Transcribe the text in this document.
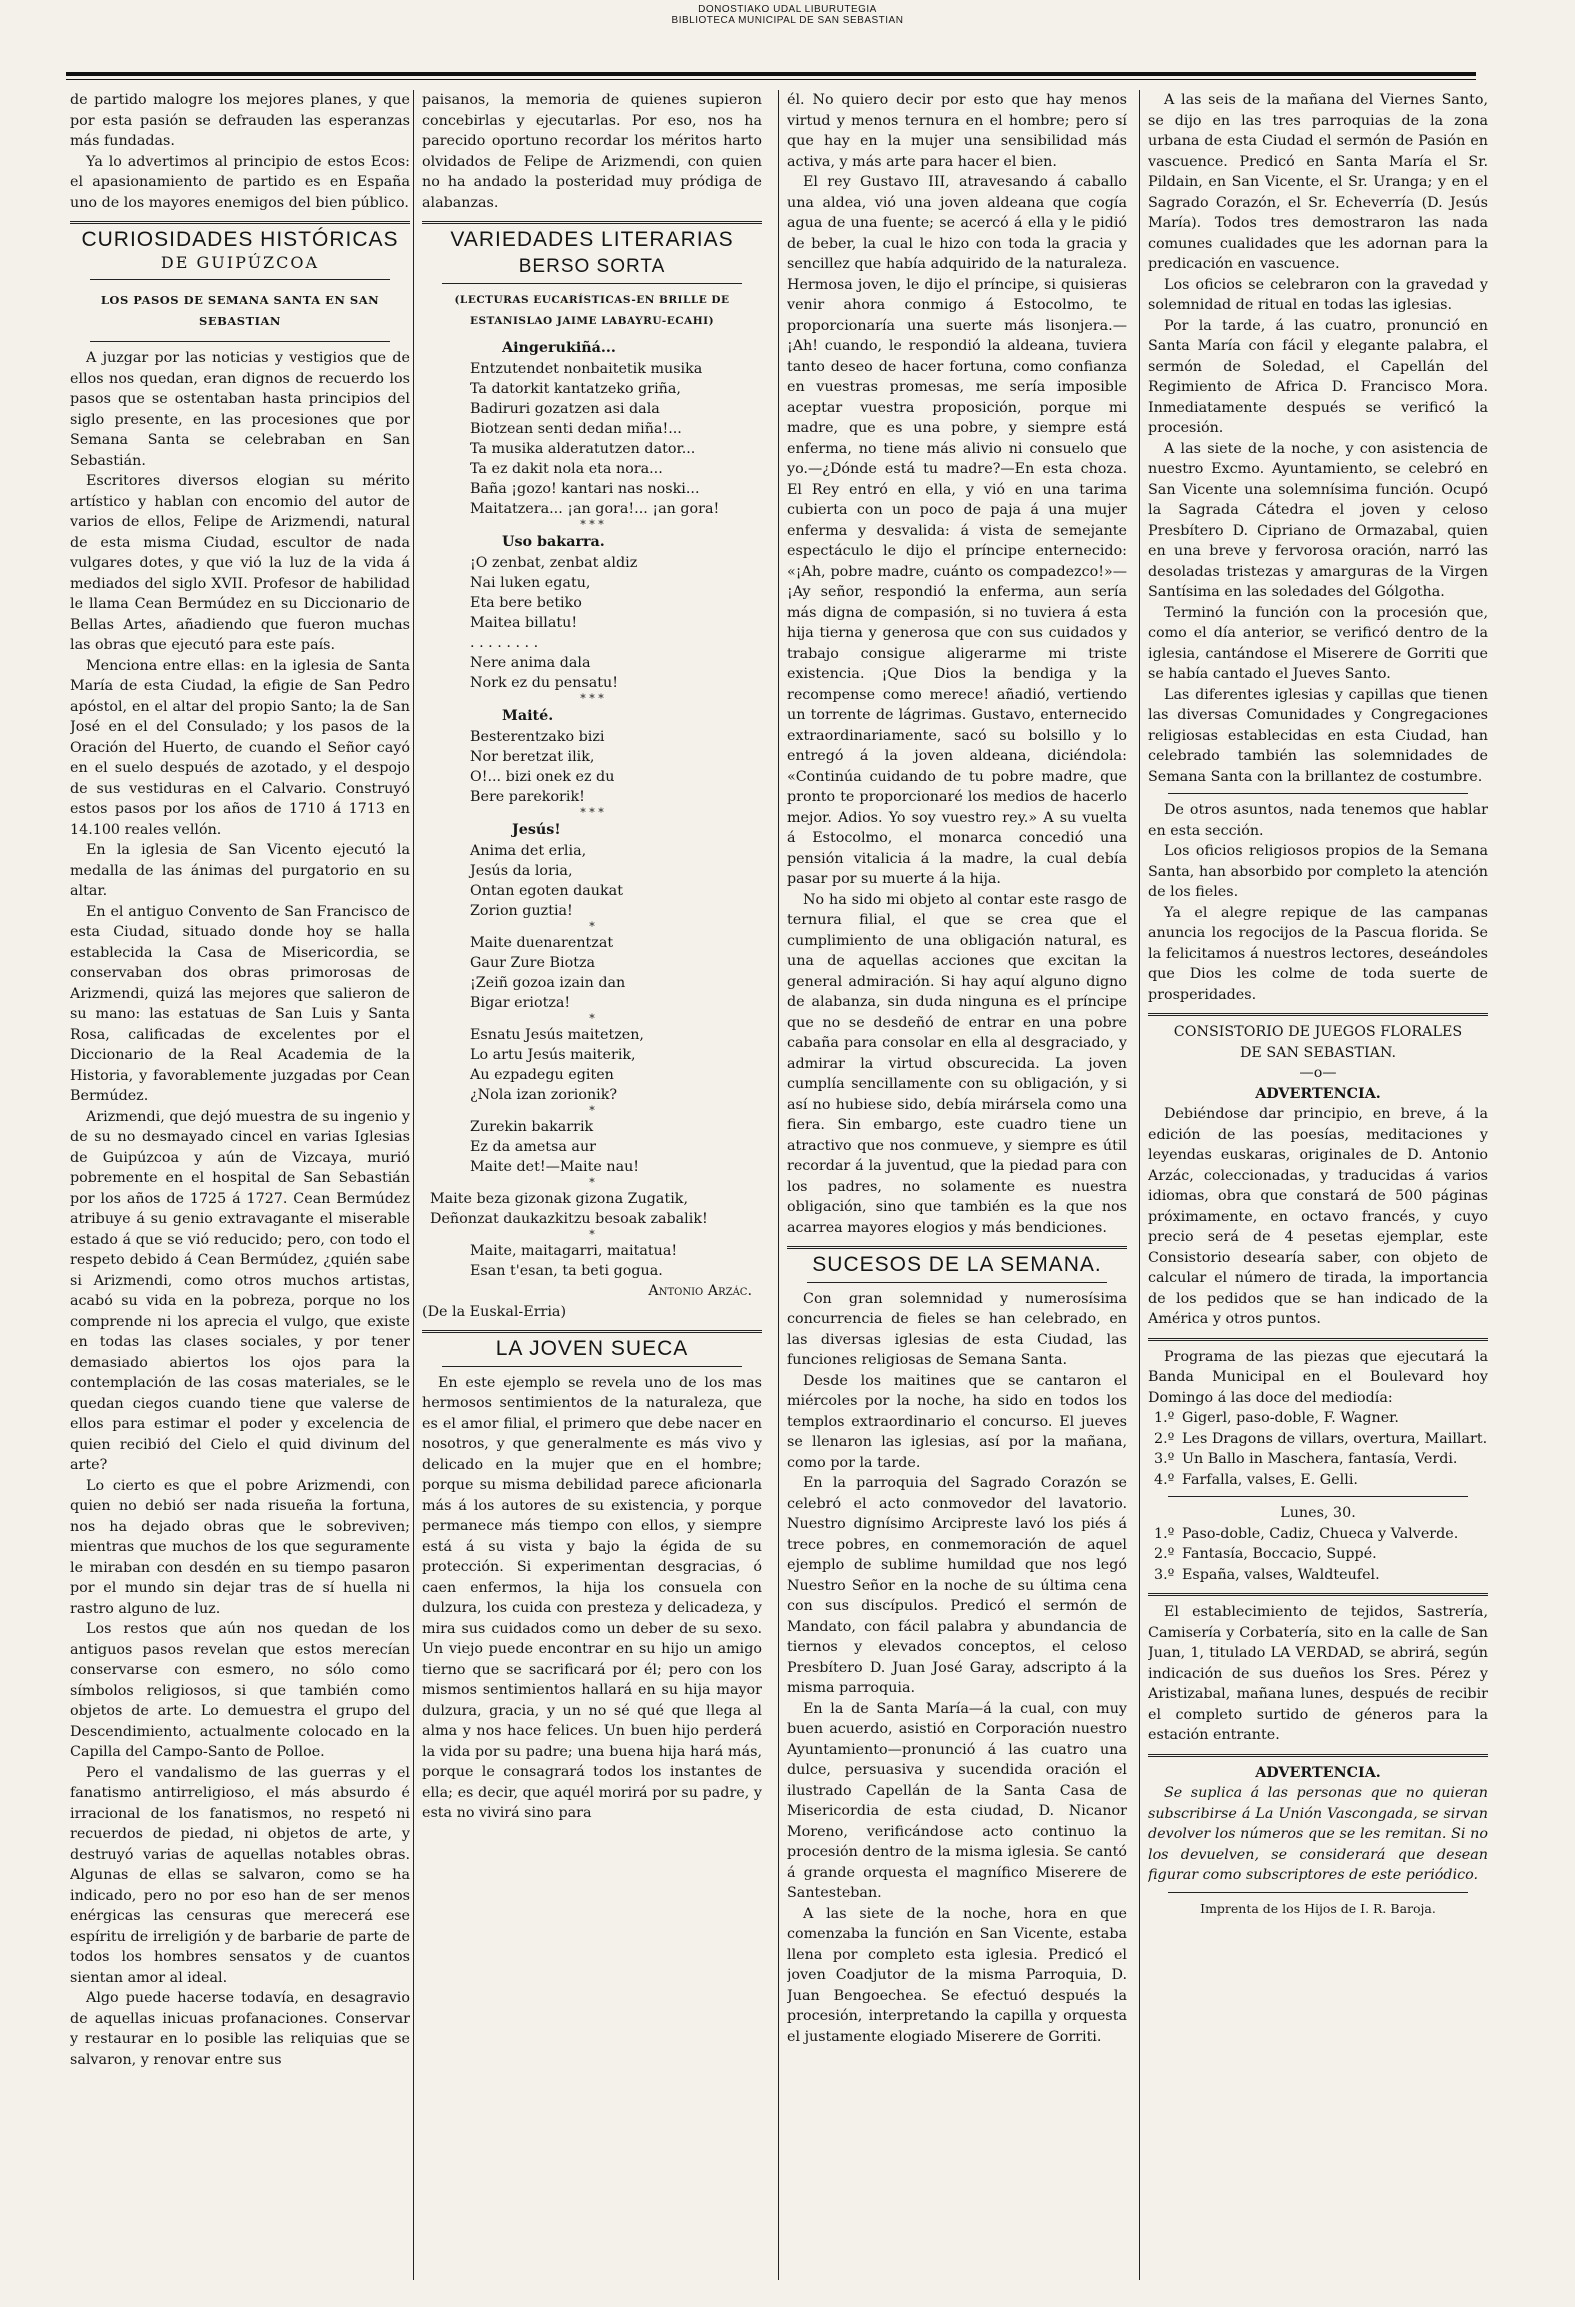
DONOSTIAKO UDAL LIBURUTEGIA
BIBLIOTECA MUNICIPAL DE SAN SEBASTIAN

de partido malogre los mejores planes, y que por esta pasión se defrauden las esperanzas más fundadas.

Ya lo advertimos al principio de estos Ecos: el apasionamiento de partido es en España uno de los mayores enemigos del bien público.

CURIOSIDADES HISTÓRICAS
DE GUIPÚZCOA
LOS PASOS DE SEMANA SANTA EN SAN SEBASTIAN

A juzgar por las noticias y vestigios que de ellos nos quedan, eran dignos de recuerdo los pasos que se ostentaban hasta principios del siglo presente, en las procesiones que por Semana Santa se celebraban en San Sebastián.

Escritores diversos elogian su mérito artístico y hablan con encomio del autor de varios de ellos, Felipe de Arizmendi, natural de esta misma Ciudad, escultor de nada vulgares dotes, y que vió la luz de la vida á mediados del siglo XVII. Profesor de habilidad le llama Cean Bermúdez en su Diccionario de Bellas Artes, añadiendo que fueron muchas las obras que ejecutó para este país.

Menciona entre ellas: en la iglesia de Santa María de esta Ciudad, la efigie de San Pedro apóstol, en el altar del propio Santo; la de San José en el del Consulado; y los pasos de la Oración del Huerto, de cuando el Señor cayó en el suelo después de azotado, y el despojo de sus vestiduras en el Calvario. Construyó estos pasos por los años de 1710 á 1713 en 14.100 reales vellón.

En la iglesia de San Vicento ejecutó la medalla de las ánimas del purgatorio en su altar.

En el antiguo Convento de San Francisco de esta Ciudad, situado donde hoy se halla establecida la Casa de Misericordia, se conservaban dos obras primorosas de Arizmendi, quizá las mejores que salieron de su mano: las estatuas de San Luis y Santa Rosa, calificadas de excelentes por el Diccionario de la Real Academia de la Historia, y favorablemente juzgadas por Cean Bermúdez.

Arizmendi, que dejó muestra de su ingenio y de su no desmayado cincel en varias Iglesias de Guipúzcoa y aún de Vizcaya, murió pobremente en el hospital de San Sebastián por los años de 1725 á 1727. Cean Bermúdez atribuye á su genio extravagante el miserable estado á que se vió reducido; pero, con todo el respeto debido á Cean Bermúdez, ¿quién sabe si Arizmendi, como otros muchos artistas, acabó su vida en la pobreza, porque no los comprende ni los aprecia el vulgo, que existe en todas las clases sociales, y por tener demasiado abiertos los ojos para la contemplación de las cosas materiales, se le quedan ciegos cuando tiene que valerse de ellos para estimar el poder y excelencia de quien recibió del Cielo el quid divinum del arte?

Lo cierto es que el pobre Arizmendi, con quien no debió ser nada risueña la fortuna, nos ha dejado obras que le sobreviven; mientras que muchos de los que seguramente le miraban con desdén en su tiempo pasaron por el mundo sin dejar tras de sí huella ni rastro alguno de luz.

Los restos que aún nos quedan de los antiguos pasos revelan que estos merecían conservarse con esmero, no sólo como símbolos religiosos, si que también como objetos de arte. Lo demuestra el grupo del Descendimiento, actualmente colocado en la Capilla del Campo-Santo de Polloe.

Pero el vandalismo de las guerras y el fanatismo antirreligioso, el más absurdo é irracional de los fanatismos, no respetó ni recuerdos de piedad, ni objetos de arte, y destruyó varias de aquellas notables obras. Algunas de ellas se salvaron, como se ha indicado, pero no por eso han de ser menos enérgicas las censuras que merecerá ese espíritu de irreligión y de barbarie de parte de todos los hombres sensatos y de cuantos sientan amor al ideal.

Algo puede hacerse todavía, en desagravio de aquellas inicuas profanaciones. Conservar y restaurar en lo posible las reliquias que se salvaron, y renovar entre sus

paisanos, la memoria de quienes supieron concebirlas y ejecutarlas. Por eso, nos ha parecido oportuno recordar los méritos harto olvidados de Felipe de Arizmendi, con quien no ha andado la posteridad muy pródiga de alabanzas.

VARIEDADES LITERARIAS
BERSO SORTA
(LECTURAS EUCARÍSTICAS-EN BRILLE DE ESTANISLAO JAIME LABAYRU-ECAHI)
Aingerukiñá...
Entzutendet nonbaitetik musika
Ta datorkit kantatzeko griña,
Badiruri gozatzen asi dala
Biotzean senti dedan miña!...
Ta musika alderatutzen dator...
Ta ez dakit nola eta nora...
Baña ¡gozo! kantari nas noski...
Maitatzera... ¡an gora!... ¡an gora!
* * *
Uso bakarra.
¡O zenbat, zenbat aldiz
Nai luken egatu,
Eta bere betiko
Maitea billatu!
. . . . . . . .
Nere anima dala
Nork ez du pensatu!
* * *
Maité.
Besterentzako bizi
Nor beretzat ilik,
O!... bizi onek ez du
Bere parekorik!
* * *
Jesús!
Anima det erlia,
Jesús da loria,
Ontan egoten daukat
Zorion guztia!
*
Maite duenarentzat
Gaur Zure Biotza
¡Zeiñ gozoa izain dan
Bigar eriotza!
*
Esnatu Jesús maitetzen,
Lo artu Jesús maiterik,
Au ezpadegu egiten
¿Nola izan zorionik?
*
Zurekin bakarrik
Ez da ametsa aur
Maite det!—Maite nau!
*
Maite beza gizonak gizona Zugatik,
Deñonzat daukazkitzu besoak zabalik!
*
Maite, maitagarri, maitatua!
Esan t'esan, ta beti gogua.

Antonio Arzác.

(De la Euskal-Erria)

LA JOVEN SUECA

En este ejemplo se revela uno de los mas hermosos sentimientos de la naturaleza, que es el amor filial, el primero que debe nacer en nosotros, y que generalmente es más vivo y delicado en la mujer que en el hombre; porque su misma debilidad parece aficionarla más á los autores de su existencia, y porque permanece más tiempo con ellos, y siempre está á su vista y bajo la égida de su protección. Si experimentan desgracias, ó caen enfermos, la hija los consuela con dulzura, los cuida con presteza y delicadeza, y mira sus cuidados como un deber de su sexo. Un viejo puede encontrar en su hijo un amigo tierno que se sacrificará por él; pero con los mismos sentimientos hallará en su hija mayor dulzura, gracia, y un no sé qué que llega al alma y nos hace felices. Un buen hijo perderá la vida por su padre; una buena hija hará más, porque le consagrará todos los instantes de ella; es decir, que aquél morirá por su padre, y esta no vivirá sino para

él. No quiero decir por esto que hay menos virtud y menos ternura en el hombre; pero sí que hay en la mujer una sensibilidad más activa, y más arte para hacer el bien.

El rey Gustavo III, atravesando á caballo una aldea, vió una joven aldeana que cogía agua de una fuente; se acercó á ella y le pidió de beber, la cual le hizo con toda la gracia y sencillez que había adquirido de la naturaleza. Hermosa joven, le dijo el príncipe, si quisieras venir ahora conmigo á Estocolmo, te proporcionaría una suerte más lisonjera.—¡Ah! cuando, le respondió la aldeana, tuviera tanto deseo de hacer fortuna, como confianza en vuestras promesas, me sería imposible aceptar vuestra proposición, porque mi madre, que es una pobre, y siempre está enferma, no tiene más alivio ni consuelo que yo.—¿Dónde está tu madre?—En esta choza. El Rey entró en ella, y vió en una tarima cubierta con un poco de paja á una mujer enferma y desvalida: á vista de semejante espectáculo le dijo el príncipe enternecido: «¡Ah, pobre madre, cuánto os compadezco!»—¡Ay señor, respondió la enferma, aun sería más digna de compasión, si no tuviera á esta hija tierna y generosa que con sus cuidados y trabajo consigue aligerarme mi triste existencia. ¡Que Dios la bendiga y la recompense como merece! añadió, vertiendo un torrente de lágrimas. Gustavo, enternecido extraordinariamente, sacó su bolsillo y lo entregó á la joven aldeana, diciéndola: «Continúa cuidando de tu pobre madre, que pronto te proporcionaré los medios de hacerlo mejor. Adios. Yo soy vuestro rey.» A su vuelta á Estocolmo, el monarca concedió una pensión vitalicia á la madre, la cual debía pasar por su muerte á la hija.

No ha sido mi objeto al contar este rasgo de ternura filial, el que se crea que el cumplimiento de una obligación natural, es una de aquellas acciones que excitan la general admiración. Si hay aquí alguno digno de alabanza, sin duda ninguna es el príncipe que no se desdeñó de entrar en una pobre cabaña para consolar en ella al desgraciado, y admirar la virtud obscurecida. La joven cumplía sencillamente con su obligación, y si así no hubiese sido, debía mirársela como una fiera. Sin embargo, este cuadro tiene un atractivo que nos conmueve, y siempre es útil recordar á la juventud, que la piedad para con los padres, no solamente es nuestra obligación, sino que también es la que nos acarrea mayores elogios y más bendiciones.

SUCESOS DE LA SEMANA.

Con gran solemnidad y numerosísima concurrencia de fieles se han celebrado, en las diversas iglesias de esta Ciudad, las funciones religiosas de Semana Santa.

Desde los maitines que se cantaron el miércoles por la noche, ha sido en todos los templos extraordinario el concurso. El jueves se llenaron las iglesias, así por la mañana, como por la tarde.

En la parroquia del Sagrado Corazón se celebró el acto conmovedor del lavatorio. Nuestro dignísimo Arcipreste lavó los piés á trece pobres, en conmemoración de aquel ejemplo de sublime humildad que nos legó Nuestro Señor en la noche de su última cena con sus discípulos. Predicó el sermón de Mandato, con fácil palabra y abundancia de tiernos y elevados conceptos, el celoso Presbítero D. Juan José Garay, adscripto á la misma parroquia.

En la de Santa María—á la cual, con muy buen acuerdo, asistió en Corporación nuestro Ayuntamiento—pronunció á las cuatro una dulce, persuasiva y sucendida oración el ilustrado Capellán de la Santa Casa de Misericordia de esta ciudad, D. Nicanor Moreno, verificándose acto continuo la procesión dentro de la misma iglesia. Se cantó á grande orquesta el magnífico Miserere de Santesteban.

A las siete de la noche, hora en que comenzaba la función en San Vicente, estaba llena por completo esta iglesia. Predicó el joven Coadjutor de la misma Parroquia, D. Juan Bengoechea. Se efectuó después la procesión, interpretando la capilla y orquesta el justamente elogiado Miserere de Gorriti.

A las seis de la mañana del Viernes Santo, se dijo en las tres parroquias de la zona urbana de esta Ciudad el sermón de Pasión en vascuence. Predicó en Santa María el Sr. Pildain, en San Vicente, el Sr. Uranga; y en el Sagrado Corazón, el Sr. Echeverría (D. Jesús María). Todos tres demostraron las nada comunes cualidades que les adornan para la predicación en vascuence.

Los oficios se celebraron con la gravedad y solemnidad de ritual en todas las iglesias.

Por la tarde, á las cuatro, pronunció en Santa María con fácil y elegante palabra, el sermón de Soledad, el Capellán del Regimiento de Africa D. Francisco Mora. Inmediatamente después se verificó la procesión.

A las siete de la noche, y con asistencia de nuestro Excmo. Ayuntamiento, se celebró en San Vicente una solemnísima función. Ocupó la Sagrada Cátedra el joven y celoso Presbítero D. Cipriano de Ormazabal, quien en una breve y fervorosa oración, narró las desoladas tristezas y amarguras de la Virgen Santísima en las soledades del Gólgotha.

Terminó la función con la procesión que, como el día anterior, se verificó dentro de la iglesia, cantándose el Miserere de Gorriti que se había cantado el Jueves Santo.

Las diferentes iglesias y capillas que tienen las diversas Comunidades y Congregaciones religiosas establecidas en esta Ciudad, han celebrado también las solemnidades de Semana Santa con la brillantez de costumbre.

De otros asuntos, nada tenemos que hablar en esta sección.

Los oficios religiosos propios de la Semana Santa, han absorbido por completo la atención de los fieles.

Ya el alegre repique de las campanas anuncia los regocijos de la Pascua florida. Se la felicitamos á nuestros lectores, deseándoles que Dios les colme de toda suerte de prosperidades.

CONSISTORIO DE JUEGOS FLORALES

DE SAN SEBASTIAN.

—o—

ADVERTENCIA.

Debiéndose dar principio, en breve, á la edición de las poesías, meditaciones y leyendas euskaras, originales de D. Antonio Arzác, coleccionadas, y traducidas á varios idiomas, obra que constará de 500 páginas próximamente, en octavo francés, y cuyo precio será de 4 pesetas ejemplar, este Consistorio desearía saber, con objeto de calcular el número de tirada, la importancia de los pedidos que se han indicado de la América y otros puntos.

Programa de las piezas que ejecutará la Banda Municipal en el Boulevard hoy Domingo á las doce del mediodía:

1.º Gigerl, paso-doble, F. Wagner.
2.º Les Dragons de villars, overtura, Maillart.
3.º Un Ballo in Maschera, fantasía, Verdi.
4.º Farfalla, valses, E. Gelli.

Lunes, 30.

1.º Paso-doble, Cadiz, Chueca y Valverde.
2.º Fantasía, Boccacio, Suppé.
3.º España, valses, Waldteufel.

El establecimiento de tejidos, Sastrería, Camisería y Corbatería, sito en la calle de San Juan, 1, titulado LA VERDAD, se abrirá, según indicación de sus dueños los Sres. Pérez y Aristizabal, mañana lunes, después de recibir el completo surtido de géneros para la estación entrante.

ADVERTENCIA.

Se suplica á las personas que no quieran subscribirse á La Unión Vascongada, se sirvan devolver los números que se les remitan. Si no los devuelven, se considerará que desean figurar como subscriptores de este periódico.

Imprenta de los Hijos de I. R. Baroja.
